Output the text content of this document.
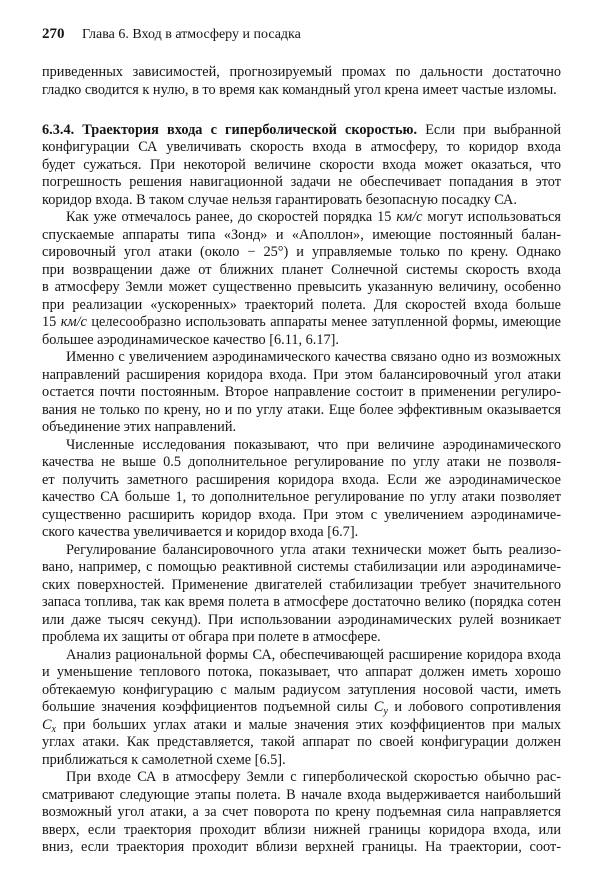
270 Глава 6. Вход в атмосферу и посадка
приведенных зависимостей, прогнозируемый промах по дальности достаточно
гладко сводится к нулю, в то время как командный угол крена имеет частые изломы.
6.3.4. Траектория входа с гиперболической скоростью. Если при выбранной
конфигурации СА увеличивать скорость входа в атмосферу, то коридор входа
будет сужаться. При некоторой величине скорости входа может оказаться, что
погрешность решения навигационной задачи не обеспечивает попадания в этот
коридор входа. В таком случае нельзя гарантировать безопасную посадку СА.
Как уже отмечалось ранее, до скоростей порядка 15 км/с могут использоваться
спускаемые аппараты типа «Зонд» и «Аполлон», имеющие постоянный балан-
сировочный угол атаки (около − 25°) и управляемые только по крену. Однако
при возвращении даже от ближних планет Солнечной системы скорость входа
в атмосферу Земли может существенно превысить указанную величину, особенно
при реализации «ускоренных» траекторий полета. Для скоростей входа больше
15 км/с целесообразно использовать аппараты менее затупленной формы, имеющие
большее аэродинамическое качество [6.11, 6.17].
Именно с увеличением аэродинамического качества связано одно из возможных
направлений расширения коридора входа. При этом балансировочный угол атаки
остается почти постоянным. Второе направление состоит в применении регулиро-
вания не только по крену, но и по углу атаки. Еще более эффективным оказывается
объединение этих направлений.
Численные исследования показывают, что при величине аэродинамического
качества не выше 0.5 дополнительное регулирование по углу атаки не позволя-
ет получить заметного расширения коридора входа. Если же аэродинамическое
качество СА больше 1, то дополнительное регулирование по углу атаки позволяет
существенно расширить коридор входа. При этом с увеличением аэродинамиче-
ского качества увеличивается и коридор входа [6.7].
Регулирование балансировочного угла атаки технически может быть реализо-
вано, например, с помощью реактивной системы стабилизации или аэродинамиче-
ских поверхностей. Применение двигателей стабилизации требует значительного
запаса топлива, так как время полета в атмосфере достаточно велико (порядка сотен
или даже тысяч секунд). При использовании аэродинамических рулей возникает
проблема их защиты от обгара при полете в атмосфере.
Анализ рациональной формы СА, обеспечивающей расширение коридора входа
и уменьшение теплового потока, показывает, что аппарат должен иметь хорошо
обтекаемую конфигурацию с малым радиусом затупления носовой части, иметь
большие значения коэффициентов подъемной силы $C_y$ и лобового сопротивления
$C_x$ при больших углах атаки и малые значения этих коэффициентов при малых
углах атаки. Как представляется, такой аппарат по своей конфигурации должен
приближаться к самолетной схеме [6.5].
При входе СА в атмосферу Земли с гиперболической скоростью обычно рас-
сматривают следующие этапы полета. В начале входа выдерживается наибольший
возможный угол атаки, а за счет поворота по крену подъемная сила направляется
вверх, если траектория проходит вблизи нижней границы коридора входа, или
вниз, если траектория проходит вблизи верхней границы. На траектории, соот-
